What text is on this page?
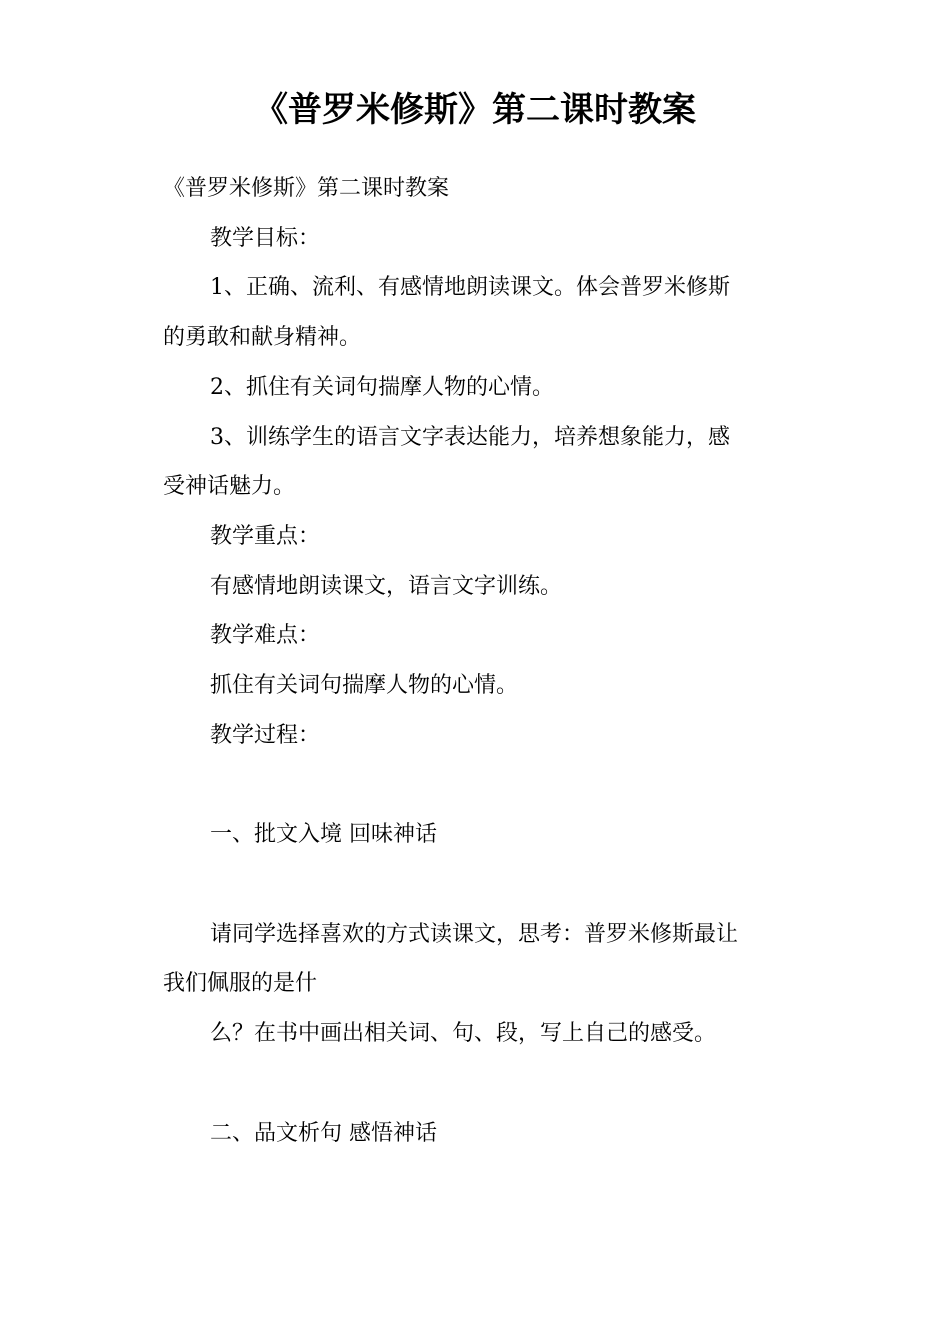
《普罗米修斯》第二课时教案
《普罗米修斯》第二课时教案
教学目标：
1、正确、流利、有感情地朗读课文。体会普罗米修斯
的勇敢和献身精神。
2、抓住有关词句揣摩人物的心情。
3、训练学生的语言文字表达能力，培养想象能力，感
受神话魅力。
教学重点：
有感情地朗读课文，语言文字训练。
教学难点：
抓住有关词句揣摩人物的心情。
教学过程：
一、批文入境 回味神话
请同学选择喜欢的方式读课文，思考：普罗米修斯最让
我们佩服的是什
么？在书中画出相关词、句、段，写上自己的感受。
二、品文析句 感悟神话
